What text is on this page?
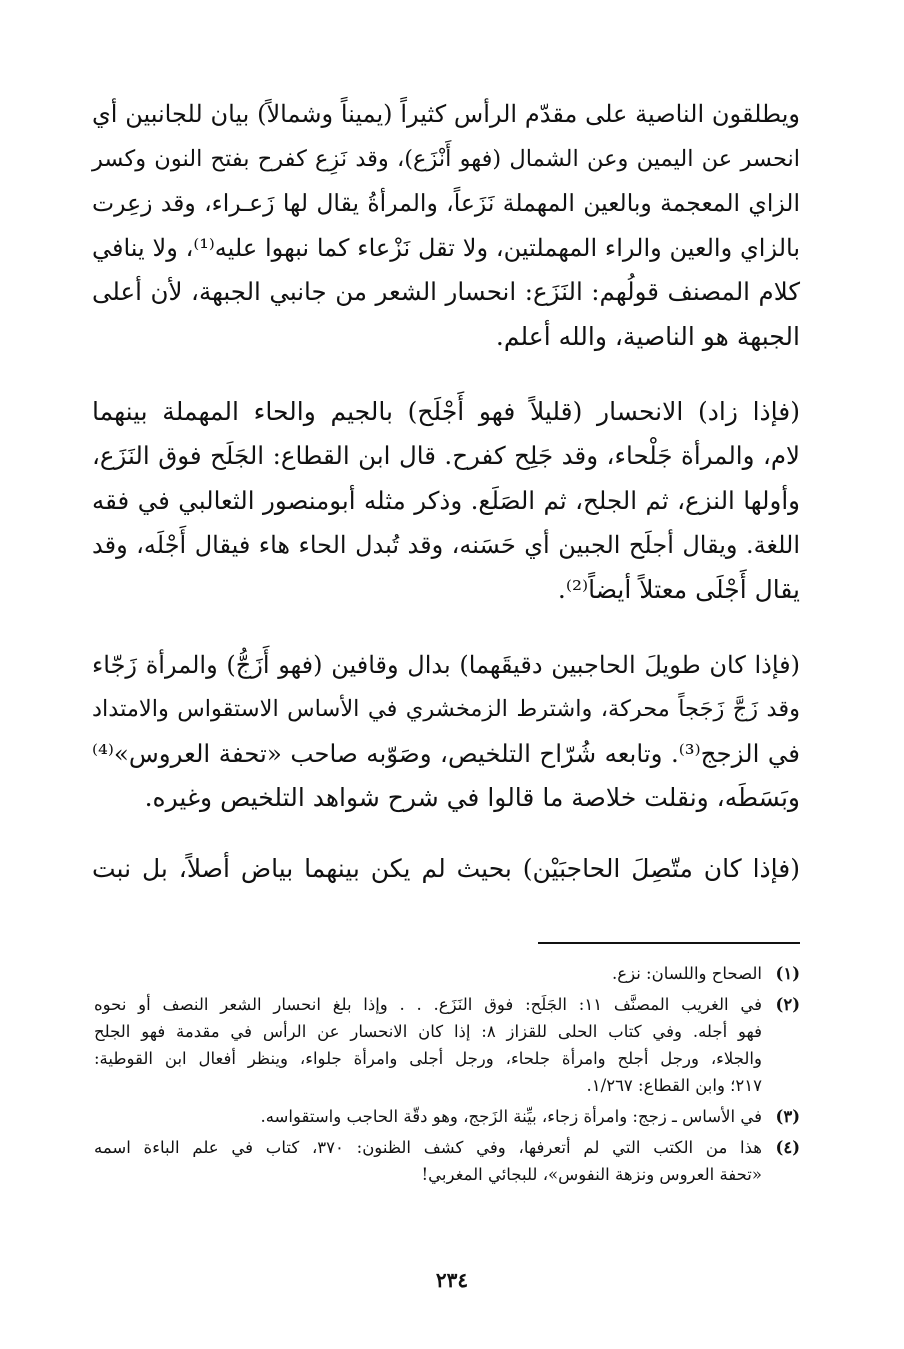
ويطلقون الناصية على مقدّم الرأس كثيراً (يميناً وشمالاً) بيان للجانبين أي
انحسر عن اليمين وعن الشمال (فهو أَنْزَع)، وقد نَزِع كفرح بفتح النون وكسر
الزاي المعجمة وبالعين المهملة نَزَعاً، والمرأةُ يقال لها زَعـراء، وقد زعِرت
بالزاي والعين والراء المهملتين، ولا تقل نَزْعاء كما نبهوا عليه⁽¹⁾، ولا ينافي
كلام المصنف قولُهم: النَزَع: انحسار الشعر من جانبي الجبهة، لأن أعلى
الجبهة هو الناصية، والله أعلم.
(فإذا زاد) الانحسار (قليلاً فهو أَجْلَح) بالجيم والحاء المهملة بينهما
لام، والمرأة جَلْحاء، وقد جَلِح كفرح. قال ابن القطاع: الجَلَح فوق النَزَع،
وأولها النزع، ثم الجلح، ثم الصَلَع. وذكر مثله أبومنصور الثعالبي في فقه
اللغة. ويقال أجلَح الجبين أي حَسَنه، وقد تُبدل الحاء هاء فيقال أَجْلَه، وقد
يقال أَجْلَى معتلاً أيضاً⁽²⁾.
(فإذا كان طويلَ الحاجبين دقيقَهما) بدال وقافين (فهو أَزَجُّ) والمرأة زَجّاء
وقد زَجَّ زَجَجاً محركة، واشترط الزمخشري في الأساس الاستقواس والامتداد
في الزجج⁽³⁾. وتابعه شُرّاح التلخيص، وصَوّبه صاحب «تحفة العروس»⁽⁴⁾
وبَسَطَه، ونقلت خلاصة ما قالوا في شرح شواهد التلخيص وغيره.
(فإذا كان متّصِلَ الحاجبَيْن) بحيث لم يكن بينهما بياض أصلاً، بل نبت
(١)
الصحاح واللسان: نزع.
(٢)
في الغريب المصنَّف ١١: الجَلَح: فوق النَزَع. . . وإذا بلغ انحسار الشعر النصف أو نحوه
فهو أجله. وفي كتاب الحلى للقزاز ٨: إذا كان الانحسار عن الرأس في مقدمة فهو الجلح
والجلاء، ورجل أجلح وامرأة جلحاء، ورجل أجلى وامرأة جلواء، وينظر أفعال ابن القوطية:
٢١٧؛ وابن القطاع: ١/٢٦٧.
(٣)
في الأساس ـ زجج: وامرأة زجاء، بيِّنة الزَجج، وهو دقّة الحاجب واستقواسه.
(٤)
هذا من الكتب التي لم أتعرفها، وفي كشف الظنون: ٣٧٠، كتاب في علم الباءة اسمه
«تحفة العروس ونزهة النفوس»، للبجائي المغربي!
٢٣٤
